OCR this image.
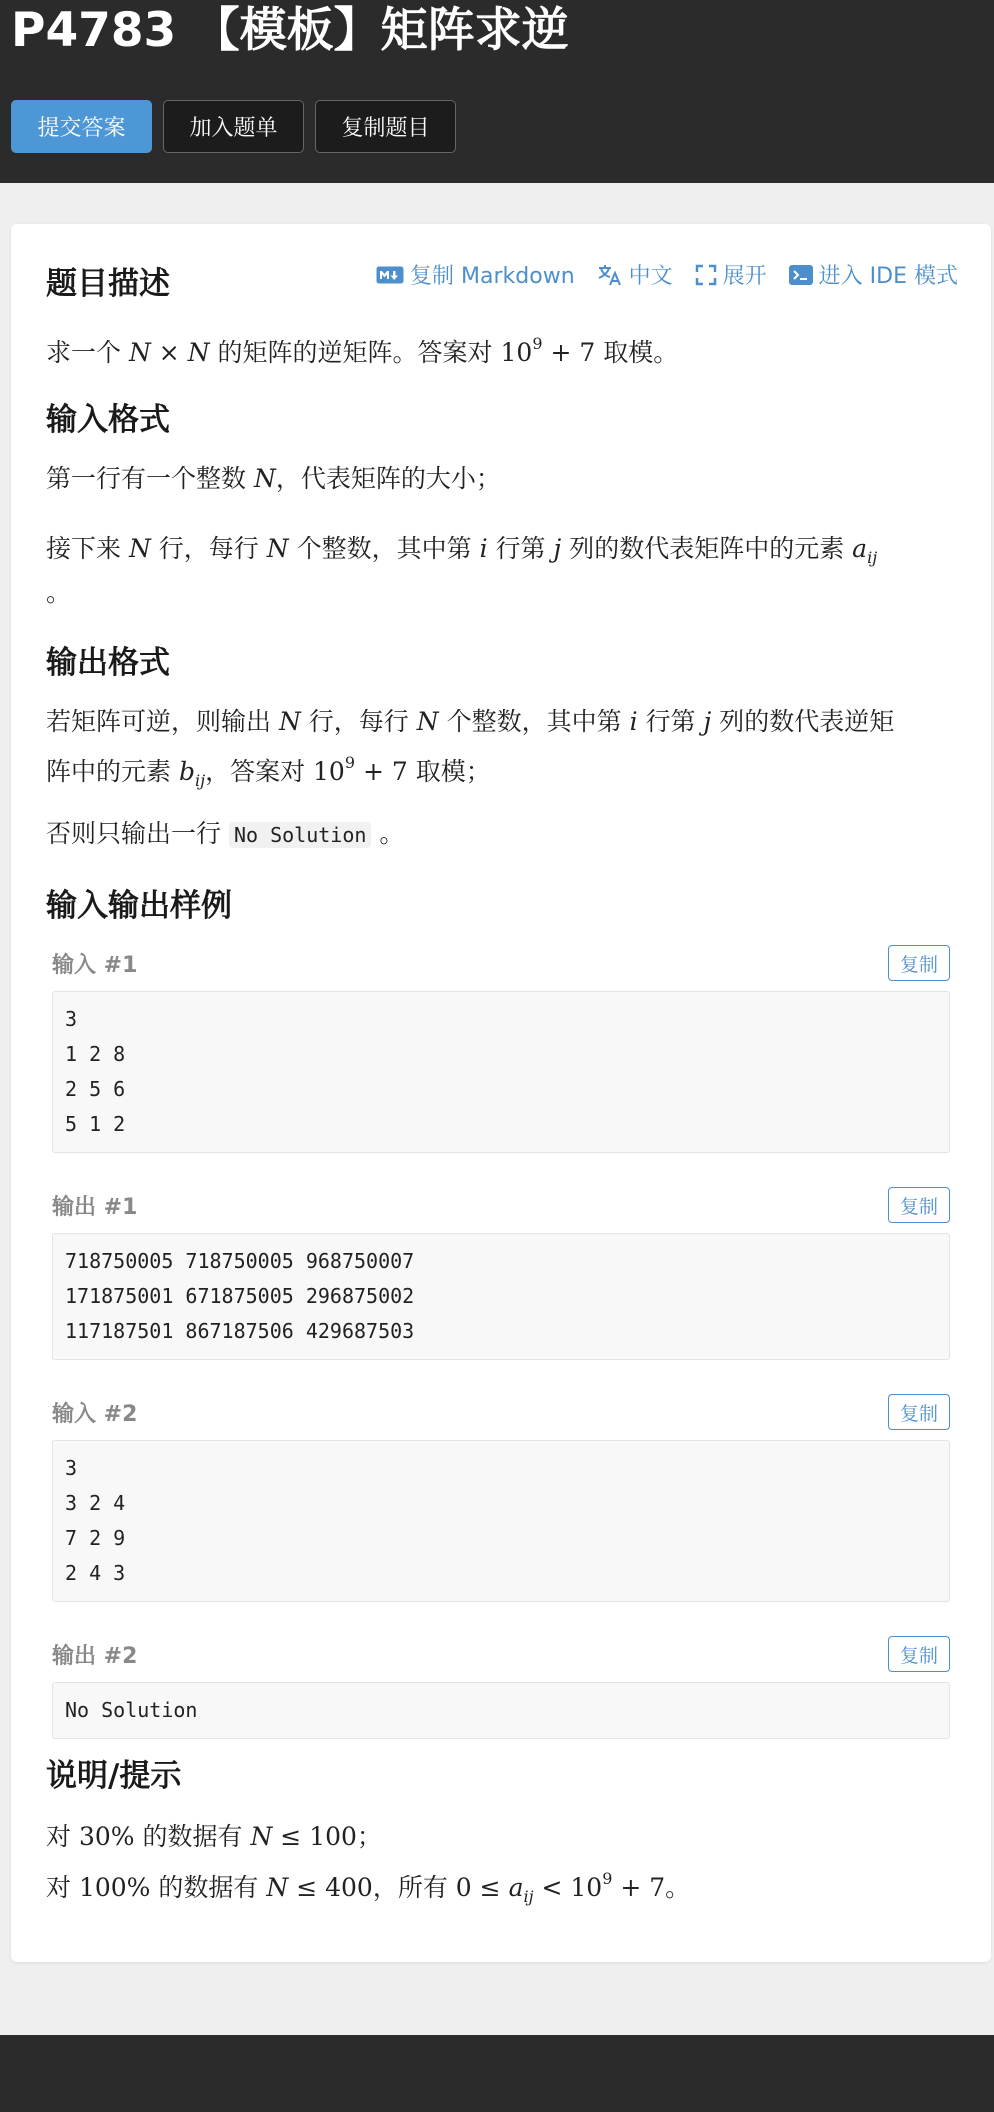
P4783 【模板】矩阵求逆
提交答案	加入题单	复制题目
题目描述	复制 Markdown 中文 展开 进入 IDE 模式
求一个 N × N 的矩阵的逆矩阵。答案对 $10^9 + 7$ 取模。
输入格式
第一行有一个整数 N，代表矩阵的大小；
接下来 N 行，每行 N 个整数，其中第 i 行第 j 列的数代表矩阵中的元素 $a_{ij}$
。
输出格式
若矩阵可逆，则输出 N 行，每行 N 个整数，其中第 i 行第 j 列的数代表逆矩
阵中的元素 $b_{ij}$，答案对 $10^9 + 7$ 取模；
否则只输出一行 No Solution 。
输入输出样例
输入 #1	复制
3
1 2 8
2 5 6
5 1 2
输出 #1	复制
718750005 718750005 968750007
171875001 671875005 296875002
117187501 867187506 429687503
输入 #2	复制
3
3 2 4
7 2 9
2 4 3
输出 #2	复制
No Solution
说明/提示
对 30% 的数据有 N ≤ 100；
对 100% 的数据有 N ≤ 400，所有 $0 \le a_{ij} < 10^9 + 7$。
